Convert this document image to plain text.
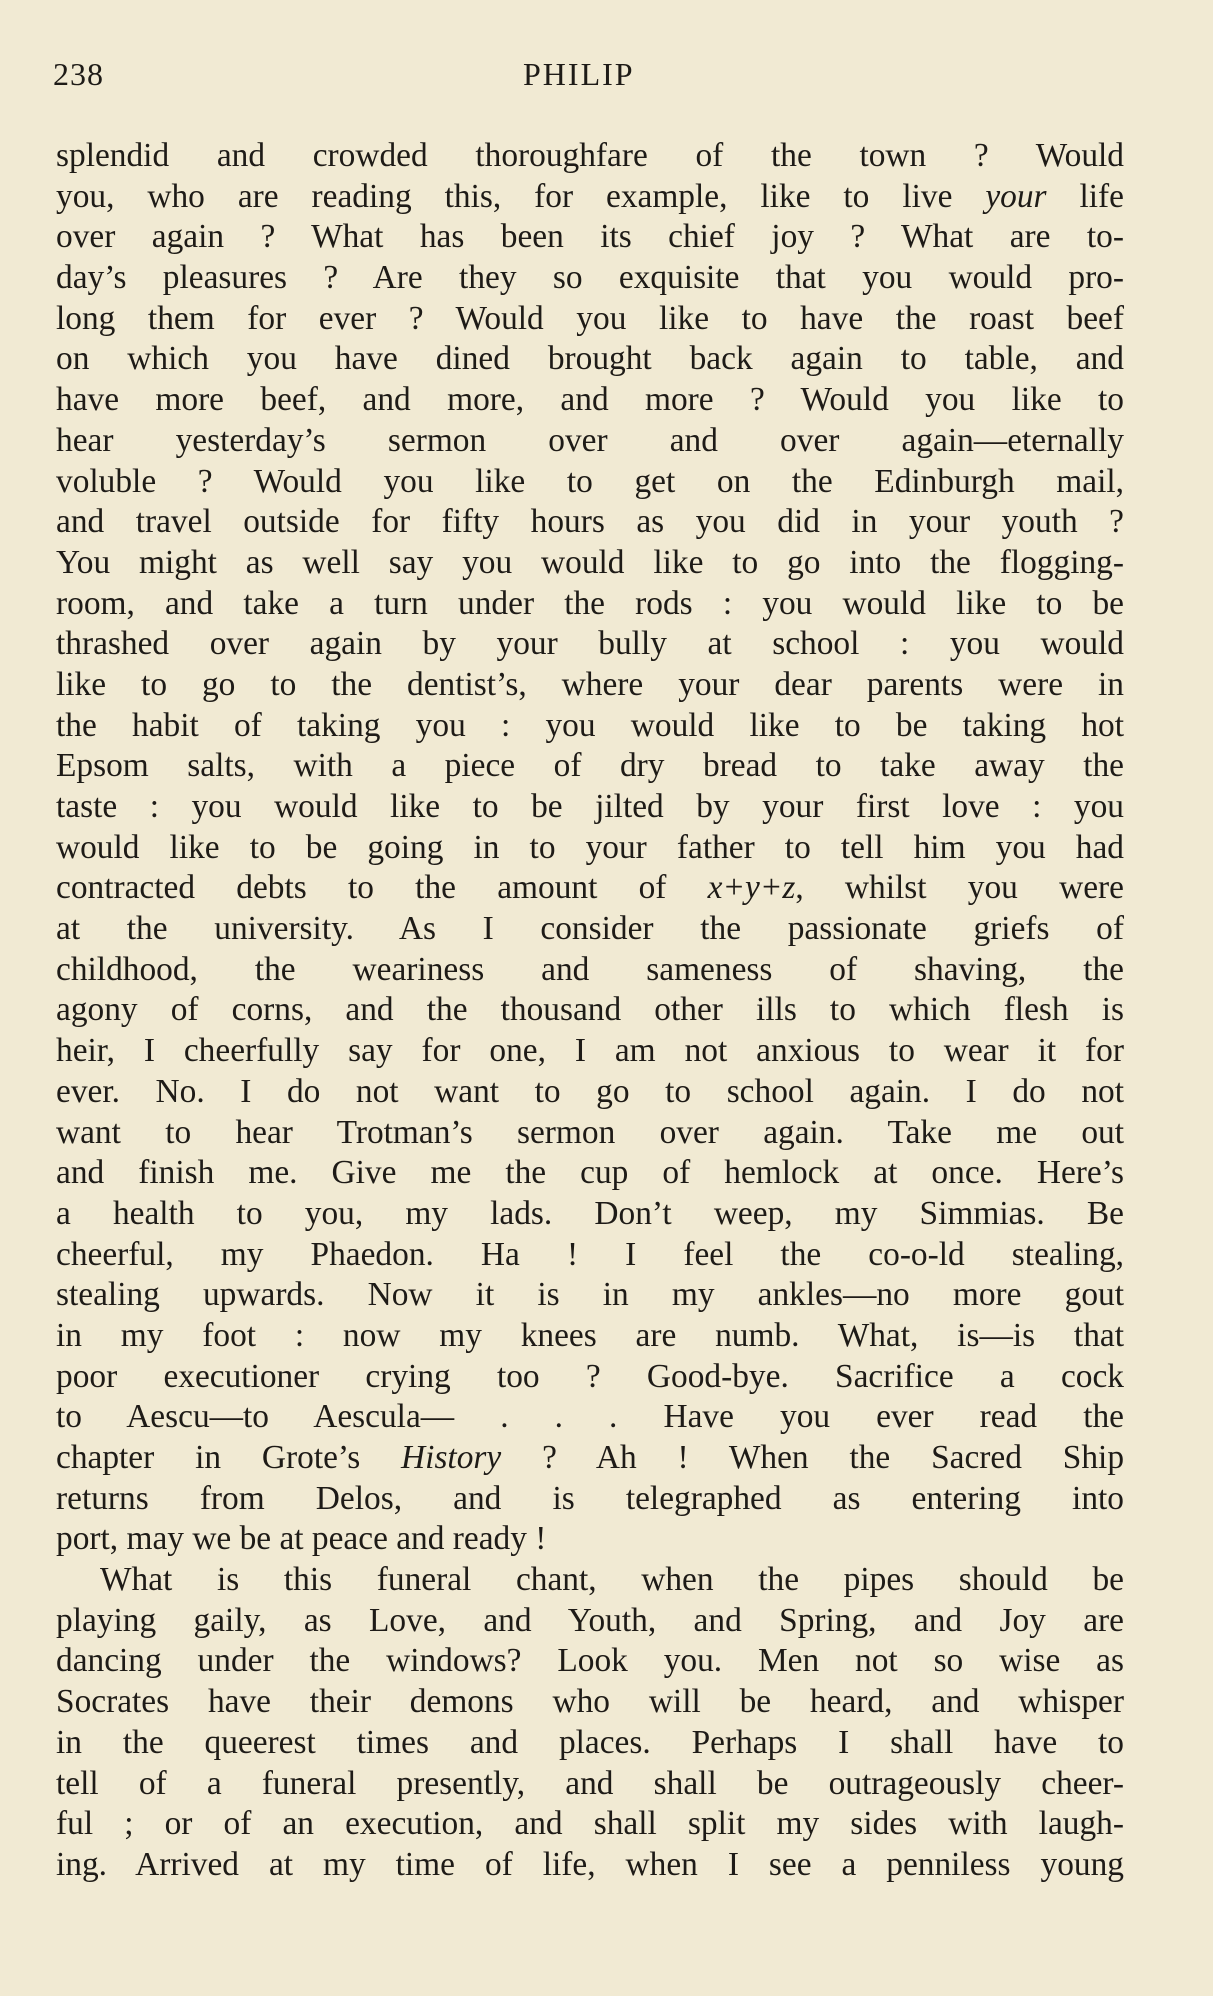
238	PHILIP
splendid and crowded thoroughfare of the town ? Would
you, who are reading this, for example, like to live your life
over again ? What has been its chief joy ? What are to-
day’s pleasures ? Are they so exquisite that you would pro-
long them for ever ? Would you like to have the roast beef
on which you have dined brought back again to table, and
have more beef, and more, and more ? Would you like to
hear yesterday’s sermon over and over again—eternally
voluble ? Would you like to get on the Edinburgh mail,
and travel outside for fifty hours as you did in your youth ?
You might as well say you would like to go into the flogging-
room, and take a turn under the rods : you would like to be
thrashed over again by your bully at school : you would
like to go to the dentist’s, where your dear parents were in
the habit of taking you : you would like to be taking hot
Epsom salts, with a piece of dry bread to take away the
taste : you would like to be jilted by your first love : you
would like to be going in to your father to tell him you had
contracted debts to the amount of x+y+z, whilst you were
at the university. As I consider the passionate griefs of
childhood, the weariness and sameness of shaving, the
agony of corns, and the thousand other ills to which flesh is
heir, I cheerfully say for one, I am not anxious to wear it for
ever. No. I do not want to go to school again. I do not
want to hear Trotman’s sermon over again. Take me out
and finish me. Give me the cup of hemlock at once. Here’s
a health to you, my lads. Don’t weep, my Simmias. Be
cheerful, my Phaedon. Ha ! I feel the co-o-ld stealing,
stealing upwards. Now it is in my ankles—no more gout
in my foot : now my knees are numb. What, is—is that
poor executioner crying too ? Good-bye. Sacrifice a cock
to Aescu—to Aescula— . . . Have you ever read the
chapter in Grote’s History ? Ah ! When the Sacred Ship
returns from Delos, and is telegraphed as entering into
port, may we be at peace and ready !
What is this funeral chant, when the pipes should be
playing gaily, as Love, and Youth, and Spring, and Joy are
dancing under the windows? Look you. Men not so wise as
Socrates have their demons who will be heard, and whisper
in the queerest times and places. Perhaps I shall have to
tell of a funeral presently, and shall be outrageously cheer-
ful ; or of an execution, and shall split my sides with laugh-
ing. Arrived at my time of life, when I see a penniless young
